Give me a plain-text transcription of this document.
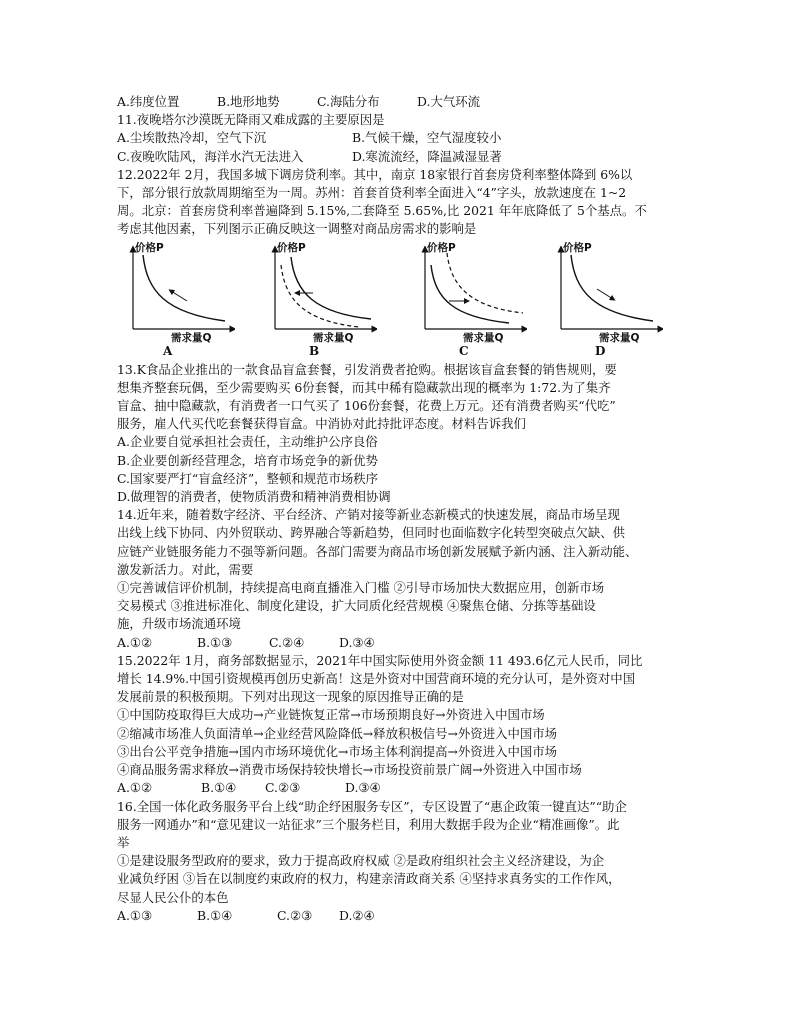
A.纬度位置	B.地形地势	C.海陆分布	D.大气环流
11.夜晚塔尔沙漠既无降雨又难成露的主要原因是
A.尘埃散热冷却，空气下沉	B.气候干燥，空气湿度较小
C.夜晚吹陆风，海洋水汽无法进入	D.寒流流经，降温减湿显著
12.2022年 2月，我国多城下调房贷利率。其中，南京 18家银行首套房贷利率整体降到 6%以
下，部分银行放款周期缩至为一周。苏州：首套首贷利率全面进入“4”字头，放款速度在 1~2
周。北京：首套房贷利率普遍降到 5.15%,二套降至 5.65%,比 2021 年年底降低了 5个基点。不
考虑其他因素，下列图示正确反映这一调整对商品房需求的影响是
价格P
需求量Q
A
价格P
需求量Q
B
价格P
需求量Q
C
价格P
需求量Q
D
13.K食品企业推出的一款食品盲盒套餐，引发消费者抢购。根据该盲盒套餐的销售规则，要
想集齐整套玩偶，至少需要购买 6份套餐，而其中稀有隐藏款出现的概率为 1:72.为了集齐
盲盒、抽中隐藏款，有消费者一口气买了 106份套餐，花费上万元。还有消费者购买“代吃”
服务，雇人代买代吃套餐获得盲盒。中消协对此持批评态度。材料告诉我们
A.企业要自觉承担社会责任，主动维护公序良俗
B.企业要创新经营理念，培育市场竞争的新优势
C.国家要严打“盲盒经济”，整顿和规范市场秩序
D.做理智的消费者，使物质消费和精神消费相协调
14.近年来，随着数字经济、平台经济、产销对接等新业态新模式的快速发展，商品市场呈现
出线上线下协同、内外贸联动、跨界融合等新趋势，但同时也面临数字化转型突破点欠缺、供
应链产业链服务能力不强等新问题。各部门需要为商品市场创新发展赋予新内涵、注入新动能、
激发新活力。对此，需要
①完善诚信评价机制，持续提高电商直播准入门槛 ②引导市场加快大数据应用，创新市场
交易模式 ③推进标准化、制度化建设，扩大同质化经营规模 ④聚焦仓储、分拣等基础设
施，升级市场流通环境
A.①②	B.①③	C.②④	D.③④
15.2022年 1月，商务部数据显示，2021年中国实际使用外资金额 11 493.6亿元人民币，同比
增长 14.9%.中国引资规模再创历史新高！这是外资对中国营商环境的充分认可，是外资对中国
发展前景的积极预期。下列对出现这一现象的原因推导正确的是
①中国防疫取得巨大成功→产业链恢复正常→市场预期良好→外资进入中国市场
②缩减市场准人负面清单→企业经营风险降低→释放积极信号→外资进入中国市场
③出台公平竞争措施→国内市场环境优化→市场主体利润提高→外资进入中国市场
④商品服务需求释放→消费市场保持较快增长→市场投资前景广阔→外资进入中国市场
A.①②	B.①④	C.②③	D.③④
16.全国一体化政务服务平台上线“助企纾困服务专区”，专区设置了“惠企政策一键直达”“助企
服务一网通办”和“意见建议一站征求”三个服务栏目，利用大数据手段为企业“精准画像”。此
举
①是建设服务型政府的要求，致力于提高政府权威 ②是政府组织社会主义经济建设，为企
业减负纾困 ③旨在以制度约束政府的权力，构建亲清政商关系 ④坚持求真务实的工作作风，
尽显人民公仆的本色
A.①③	B.①④	C.②③	D.②④
